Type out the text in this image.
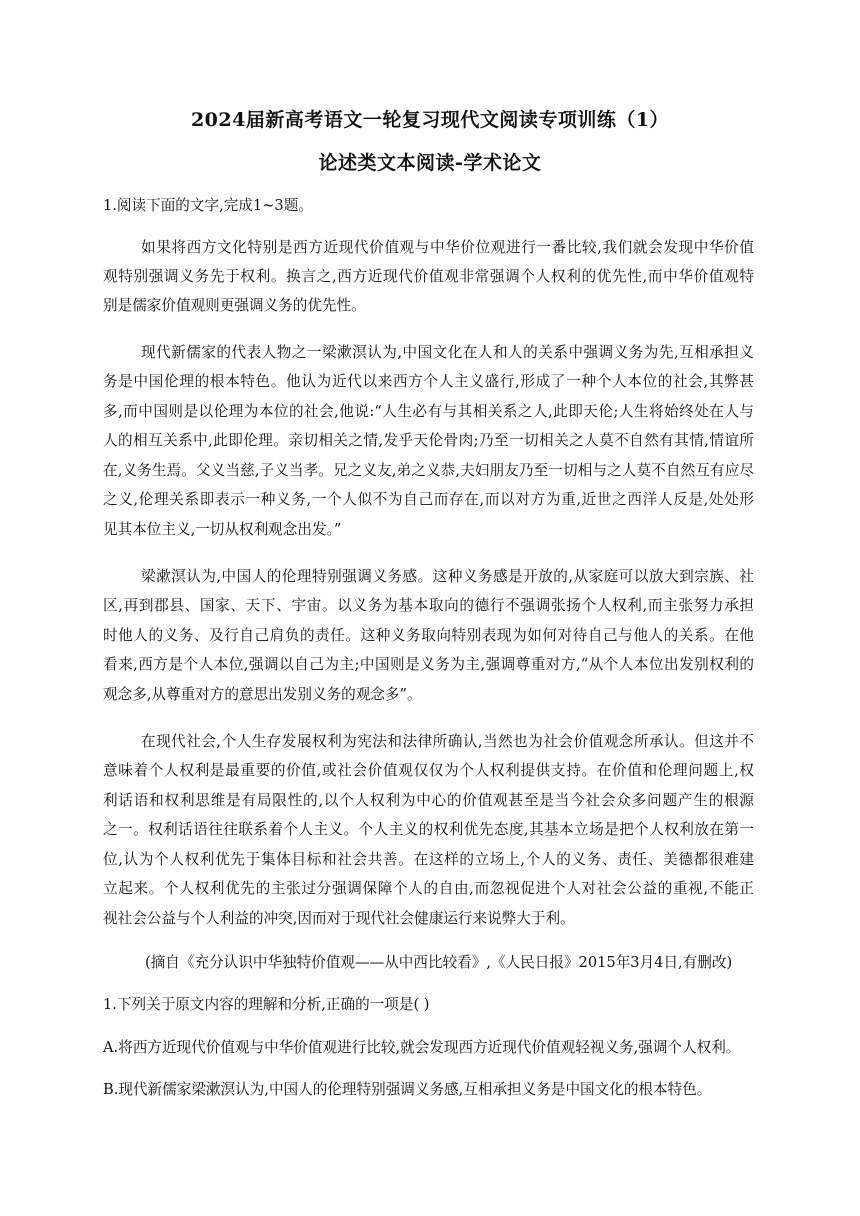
2024届新高考语文一轮复习现代文阅读专项训练（1）
论述类文本阅读-学术论文
1.阅读下面的文字,完成1~3题。
如果将西方文化特别是西方近现代价值观与中华价位观进行一番比较,我们就会发现中华价值
观特别强调义务先于权利。换言之,西方近现代价值观非常强调个人权利的优先性,而中华价值观特
别是儒家价值观则更强调义务的优先性。
现代新儒家的代表人物之一梁漱溟认为,中国文化在人和人的关系中强调义务为先,互相承担义
务是中国伦理的根本特色。他认为近代以来西方个人主义盛行,形成了一种个人本位的社会,其弊甚
多,而中国则是以伦理为本位的社会,他说:“人生必有与其相关系之人,此即天伦;人生将始终处在人与
人的相互关系中,此即伦理。亲切相关之情,发乎天伦骨肉;乃至一切相关之人莫不自然有其情,情谊所
在,义务生焉。父义当慈,子义当孝。兄之义友,弟之义恭,夫妇朋友乃至一切相与之人莫不自然互有应尽
之义,伦理关系即表示一种义务,一个人似不为自己而存在,而以对方为重,近世之西洋人反是,处处形
见其本位主义,一切从权利观念出发。”
梁漱溟认为,中国人的伦理特别强调义务感。这种义务感是开放的,从家庭可以放大到宗族、社
区,再到郡县、国家、天下、宇宙。以义务为基本取向的德行不强调张扬个人权利,而主张努力承担
时他人的义务、及行自己肩负的责任。这种义务取向特别表现为如何对待自己与他人的关系。在他
看来,西方是个人本位,强调以自己为主;中国则是义务为主,强调尊重对方,“从个人本位出发别权利的
观念多,从尊重对方的意思出发别义务的观念多”。
在现代社会,个人生存发展权利为宪法和法律所确认,当然也为社会价值观念所承认。但这并不
意味着个人权利是最重要的价值,或社会价值观仅仅为个人权利提供支持。在价值和伦理问题上,权
利话语和权利思维是有局限性的,以个人权利为中心的价值观甚至是当今社会众多问题产生的根源
之一。权利话语往往联系着个人主义。个人主义的权利优先态度,其基本立场是把个人权利放在第一
位,认为个人权利优先于集体目标和社会共善。在这样的立场上,个人的义务、责任、美德都很难建
立起来。个人权利优先的主张过分强调保障个人的自由,而忽视促进个人对社会公益的重视,不能正
视社会公益与个人利益的冲突,因而对于现代社会健康运行来说弊大于利。
(摘自《充分认识中华独特价值观——从中西比较看》,《人民日报》2015年3月4日,有删改)
1.下列关于原文内容的理解和分析,正确的一项是( )
A.将西方近现代价值观与中华价值观进行比较,就会发现西方近现代价值观轻视义务,强调个人权利。
B.现代新儒家梁漱溟认为,中国人的伦理特别强调义务感,互相承担义务是中国文化的根本特色。
